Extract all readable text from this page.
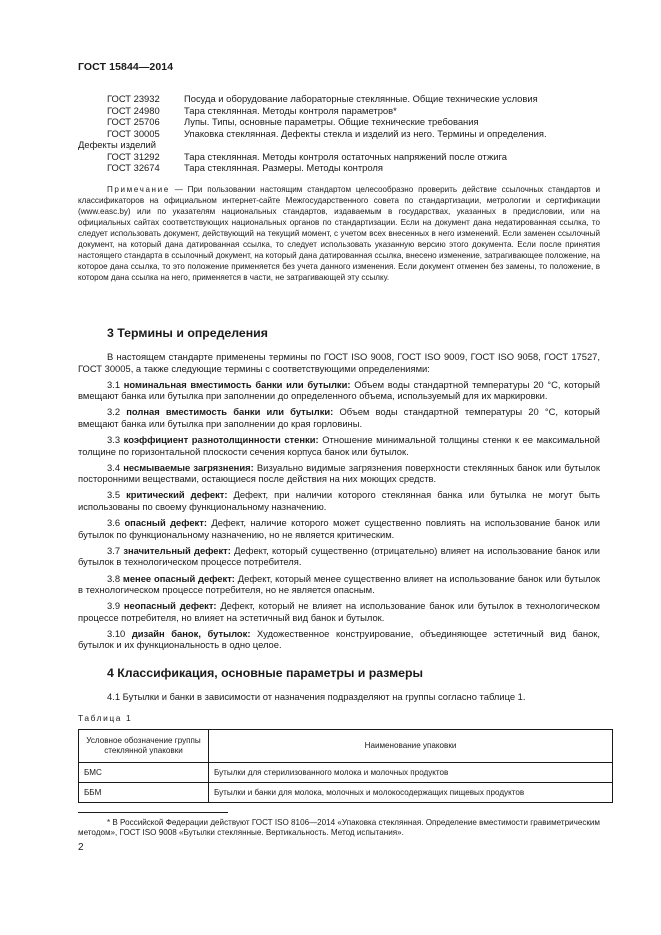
ГОСТ 15844—2014
ГОСТ 23932	Посуда и оборудование лабораторные стеклянные. Общие технические условия
ГОСТ 24980	Тара стеклянная. Методы контроля параметров*
ГОСТ 25706	Лупы. Типы, основные параметры. Общие технические требования
ГОСТ 30005	Упаковка стеклянная. Дефекты стекла и изделий из него. Термины и определения.
Дефекты изделий
ГОСТ 31292	Тара стеклянная. Методы контроля остаточных напряжений после отжига
ГОСТ 32674	Тара стеклянная. Размеры. Методы контроля
Примечание — При пользовании настоящим стандартом целесообразно проверить действие ссылочных стандартов и классификаторов на официальном интернет-сайте Межгосударственного совета по стандартизации, метрологии и сертификации (www.easc.by) или по указателям национальных стандартов, издаваемым в государствах, указанных в предисловии, или на официальных сайтах соответствующих национальных органов по стандартизации. Если на документ дана недатированная ссылка, то следует использовать документ, действующий на текущий момент, с учетом всех внесенных в него изменений. Если заменен ссылочный документ, на который дана датированная ссылка, то следует использовать указанную версию этого документа. Если после принятия настоящего стандарта в ссылочный документ, на который дана датированная ссылка, внесено изменение, затрагивающее положение, на которое дана ссылка, то это положение применяется без учета данного изменения. Если документ отменен без замены, то положение, в котором дана ссылка на него, применяется в части, не затрагивающей эту ссылку.
3 Термины и определения

В настоящем стандарте применены термины по ГОСТ ISO 9008, ГОСТ ISO 9009, ГОСТ ISO 9058, ГОСТ 17527, ГОСТ 30005, а также следующие термины с соответствующими определениями:

3.1 номинальная вместимость банки или бутылки: Объем воды стандартной температуры 20 °C, который вмещают банка или бутылка при заполнении до определенного объема, используемый для их маркировки.

3.2 полная вместимость банки или бутылки: Объем воды стандартной температуры 20 °C, который вмещают банка или бутылка при заполнении до края горловины.

3.3 коэффициент разнотолщинности стенки: Отношение минимальной толщины стенки к ее максимальной толщине по горизонтальной плоскости сечения корпуса банок или бутылок.

3.4 несмываемые загрязнения: Визуально видимые загрязнения поверхности стеклянных банок или бутылок посторонними веществами, остающиеся после действия на них моющих средств.

3.5 критический дефект: Дефект, при наличии которого стеклянная банка или бутылка не могут быть использованы по своему функциональному назначению.

3.6 опасный дефект: Дефект, наличие которого может существенно повлиять на использование банок или бутылок по функциональному назначению, но не является критическим.

3.7 значительный дефект: Дефект, который существенно (отрицательно) влияет на использование банок или бутылок в технологическом процессе потребителя.

3.8 менее опасный дефект: Дефект, который менее существенно влияет на использование банок или бутылок в технологическом процессе потребителя, но не является опасным.

3.9 неопасный дефект: Дефект, который не влияет на использование банок или бутылок в технологическом процессе потребителя, но влияет на эстетичный вид банок и бутылок.

3.10 дизайн банок, бутылок: Художественное конструирование, объединяющее эстетичный вид банок, бутылок и их функциональность в одно целое.

4 Классификация, основные параметры и размеры

4.1 Бутылки и банки в зависимости от назначения подразделяют на группы согласно таблице 1.

Таблица 1
Условное обозначение группы стеклянной упаковки	Наименование упаковки
БМС	Бутылки для стерилизованного молока и молочных продуктов
ББМ	Бутылки и банки для молока, молочных и молокосодержащих пищевых продуктов
* В Российской Федерации действуют ГОСТ ISO 8106—2014 «Упаковка стеклянная. Определение вместимости гравиметрическим методом», ГОСТ ISO 9008 «Бутылки стеклянные. Вертикальность. Метод испытания».
2
